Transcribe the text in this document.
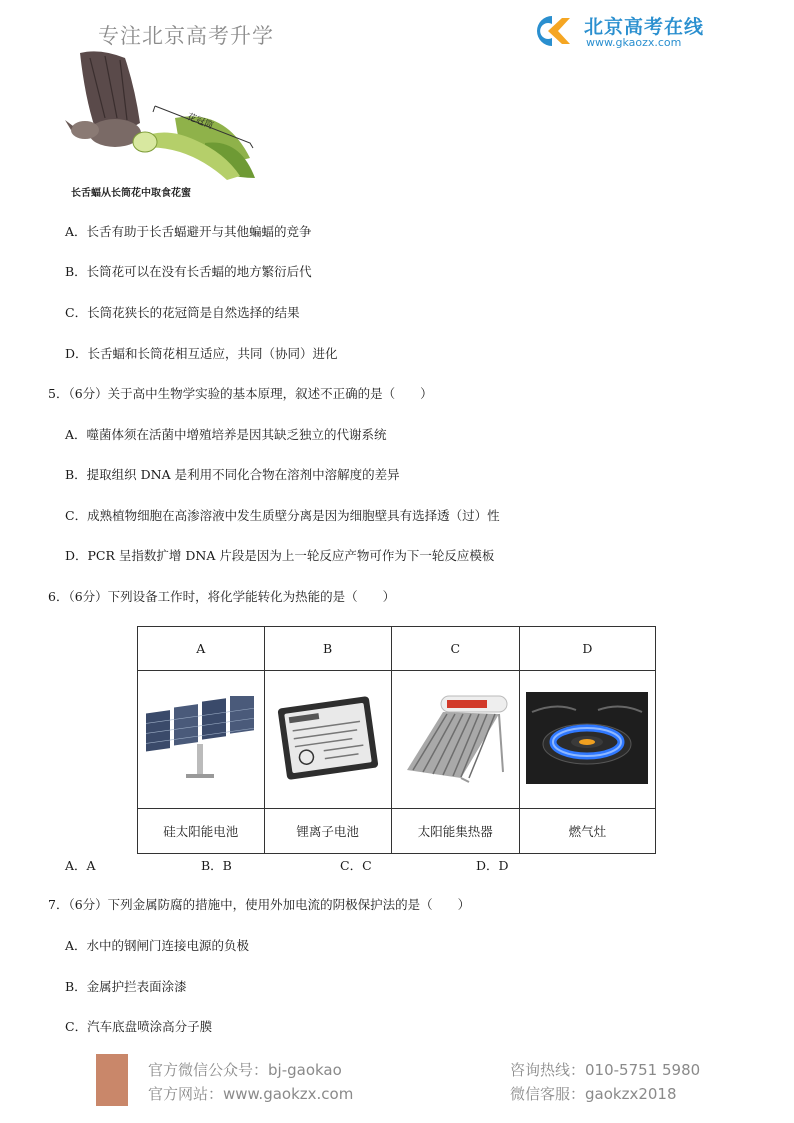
专注北京高考升学	北京高考在线
www.gkaozx.com
花冠筒
长舌蝠从长筒花中取食花蜜
A．长舌有助于长舌蝠避开与其他蝙蝠的竞争
B．长筒花可以在没有长舌蝠的地方繁衍后代
C．长筒花狭长的花冠筒是自然选择的结果
D．长舌蝠和长筒花相互适应，共同（协同）进化
5．（6分）关于高中生物学实验的基本原理，叙述不正确的是（　　）
A．噬菌体须在活菌中增殖培养是因其缺乏独立的代谢系统
B．提取组织 DNA 是利用不同化合物在溶剂中溶解度的差异
C．成熟植物细胞在高渗溶液中发生质壁分离是因为细胞壁具有选择透（过）性
D．PCR 呈指数扩增 DNA 片段是因为上一轮反应产物可作为下一轮反应模板
6．（6分）下列设备工作时，将化学能转化为热能的是（　　）
A	B	C	D

硅太阳能电池	锂离子电池	太阳能集热器	燃气灶
A．A	B．B	C．C	D．D
7．（6分）下列金属防腐的措施中，使用外加电流的阴极保护法的是（　　）
A．水中的钢闸门连接电源的负极
B．金属护拦表面涂漆
C．汽车底盘喷涂高分子膜
官方微信公众号：bj-gaokao
官方网站：www.gaokzx.com
咨询热线：010-5751 5980
微信客服：gaokzx2018
